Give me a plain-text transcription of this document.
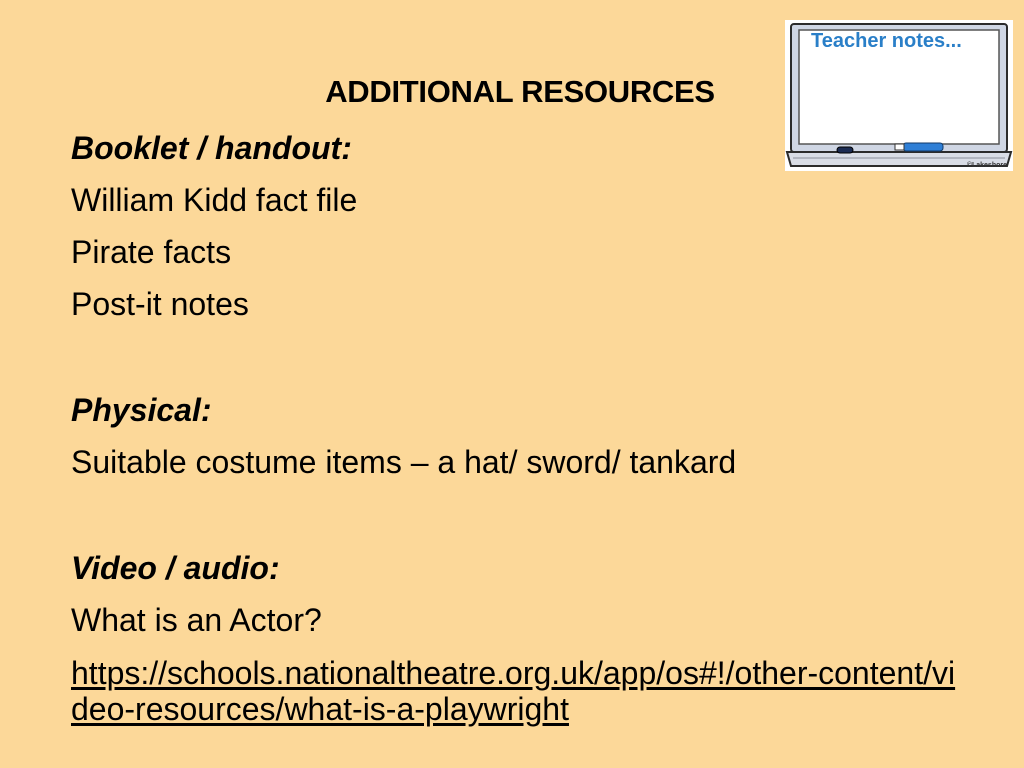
ADDITIONAL RESOURCES
Booklet / handout:
William Kidd fact file
Pirate facts
Post-it notes
Physical:
Suitable costume items – a hat/ sword/ tankard
Video / audio:
What is an Actor?
https://schools.nationaltheatre.org.uk/app/os#!/other-content/video-resources/what-is-a-playwright
Teacher notes...
©Lakeshore
